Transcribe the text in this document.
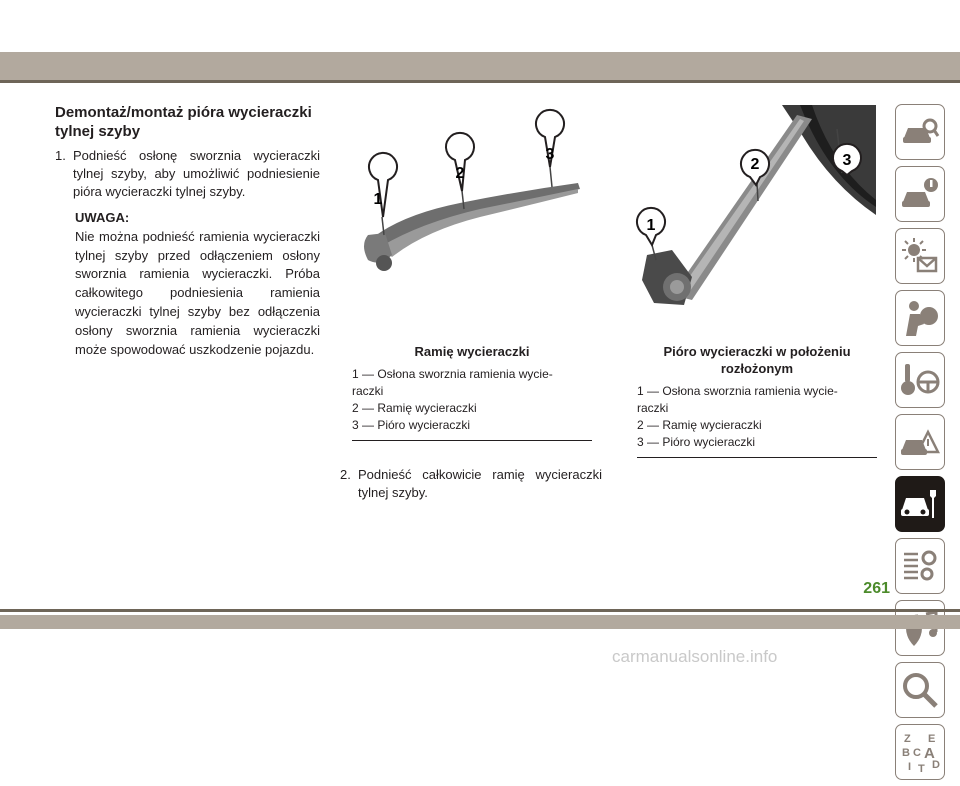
Demontaż/montaż pióra wycieraczki
tylnej szyby
1. Podnieść osłonę sworznia wycieraczki tylnej szyby, aby umożliwić podniesienie pióra wycieraczki tylnej szyby.
UWAGA:
Nie można podnieść ramienia wycieraczki tylnej szyby przed odłączeniem osłony sworznia ramienia wycieraczki. Próba całkowitego podniesienia ramienia wycieraczki tylnej szyby bez odłączenia osłony sworznia ramienia wycieraczki może spowodować uszkodzenie pojazdu.
1
2
3
1
2	3
Ramię wycieraczki
1 — Osłona sworznia ramienia wycie-
raczki
2 — Ramię wycieraczki
3 — Pióro wycieraczki
Pióro wycieraczki w położeniu
rozłożonym
1 — Osłona sworznia ramienia wycie-
raczki
2 — Ramię wycieraczki
3 — Pióro wycieraczki
2. Podnieść całkowicie ramię wycieraczki tylnej szyby.
Z E
B A
C
D
I T
261
carmanualsonline.info
